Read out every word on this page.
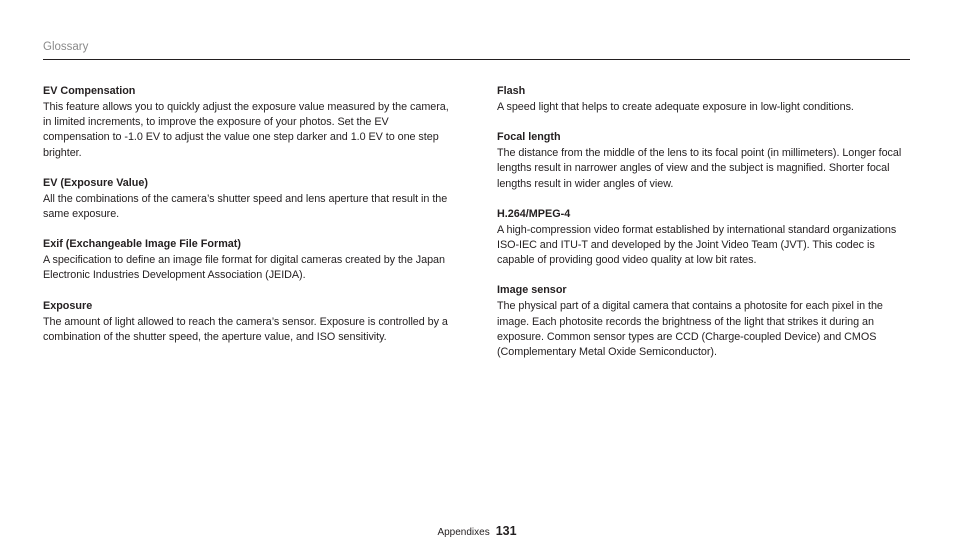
Glossary

EV Compensation

This feature allows you to quickly adjust the exposure value measured by the camera, in limited increments, to improve the exposure of your photos. Set the EV compensation to -1.0 EV to adjust the value one step darker and 1.0 EV to one step brighter.

EV (Exposure Value)

All the combinations of the camera’s shutter speed and lens aperture that result in the same exposure.

Exif (Exchangeable Image File Format)

A specification to define an image file format for digital cameras created by the Japan Electronic Industries Development Association (JEIDA).

Exposure

The amount of light allowed to reach the camera’s sensor. Exposure is controlled by a combination of the shutter speed, the aperture value, and ISO sensitivity.

Flash

A speed light that helps to create adequate exposure in low-light conditions.

Focal length

The distance from the middle of the lens to its focal point (in millimeters). Longer focal lengths result in narrower angles of view and the subject is magnified. Shorter focal lengths result in wider angles of view.

H.264/MPEG-4

A high-compression video format established by international standard organizations ISO-IEC and ITU-T and developed by the Joint Video Team (JVT). This codec is capable of providing good video quality at low bit rates.

Image sensor

The physical part of a digital camera that contains a photosite for each pixel in the image. Each photosite records the brightness of the light that strikes it during an exposure. Common sensor types are CCD (Charge-coupled Device) and CMOS (Complementary Metal Oxide Semiconductor).

Appendixes 131
